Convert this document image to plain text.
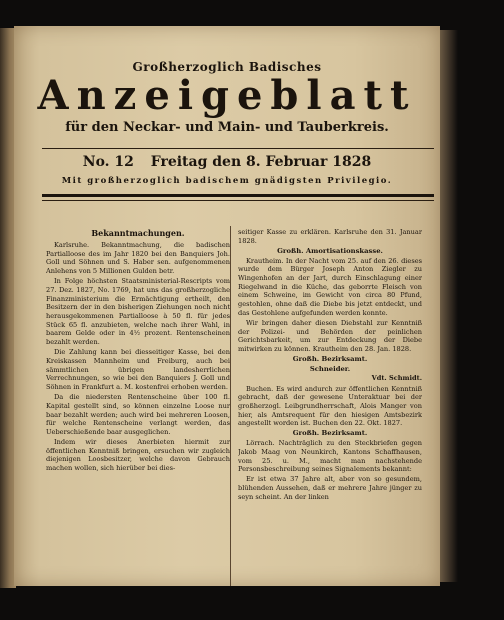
Großherzoglich Badisches
Anzeigeblatt
für den Neckar- und Main- und Tauberkreis.
No. 12 Freitag den 8. Februar 1828
Mit großherzoglich badischem gnädigsten Privilegio.
Bekanntmachungen.

Karlsruhe. Bekanntmachung, die badischen Partialloose des im Jahr 1820 bei den Banquiers Joh. Goll und Söhnen und S. Haber sen. aufgenommenen Anlehens von 5 Millionen Gulden betr.

In Folge höchsten Staatsministerial-Rescripts vom 27. Dez. 1827, No. 1769, hat uns das großherzogliche Finanzministerium die Ermächtigung ertheilt, den Besitzern der in den bisherigen Ziehungen noch nicht herausgekommenen Partialloose à 50 fl. für jedes Stück 65 fl. anzubieten, welche nach ihrer Wahl, in baarem Gelde oder in 4½ prozent. Rentenscheinen bezahlt werden.

Die Zahlung kann bei diesseitiger Kasse, bei den Kreiskassen Mannheim und Freiburg, auch bei sämmtlichen übrigen landesherrlichen Verrechnungen, so wie bei den Banquiers J. Goll und Söhnen in Frankfurt a. M. kostenfrei erhoben werden.

Da die niedersten Rentenscheine über 100 fl. Kapital gestellt sind, so können einzelne Loose nur baar bezahlt werden; auch wird bei mehreren Loosen, für welche Rentenscheine verlangt werden, das Ueberschießende baar ausgeglichen.

Indem wir dieses Anerbieten hiermit zur öffentlichen Kenntniß bringen, ersuchen wir zugleich diejenigen Loosbesitzer, welche davon Gebrauch machen wollen, sich hierüber bei dies-

seitiger Kasse zu erklären. Karlsruhe den 31. Januar 1828.

Großh. Amortisationskasse.

Krautheim. In der Nacht vom 25. auf den 26. dieses wurde dem Bürger Joseph Anton Ziegler zu Wingenhofen an der Jart, durch Einschlagung einer Riegelwand in die Küche, das geborrte Fleisch von einem Schweine, im Gewicht von circa 80 Pfund, gestohlen, ohne daß die Diebe bis jetzt entdeckt, und das Gestohlene aufgefunden werden konnte.

Wir bringen daher diesen Diebstahl zur Kenntniß der Polizei- und Behörden der peinlichen Gerichtsbarkeit, um zur Entdeckung der Diebe mitwirken zu können. Krautheim den 28. Jan. 1828.

Großh. Bezirksamt.
Schneider.

Vdt. Schmidt.

Buchen. Es wird andurch zur öffentlichen Kenntniß gebracht, daß der gewesene Unteraktuar bei der großherzogl. Leibgrundherrschaft, Alois Manger von hier, als Amtsrequent für den hiesigen Amtsbezirk angestellt worden ist. Buchen den 22. Okt. 1827.

Großh. Bezirksamt.

Lörrach. Nachträglich zu den Steckbriefen gegen Jakob Maag von Neunkirch, Kantons Schaffhausen, vom 25. u. M., macht man nachstehende Personsbeschreibung seines Signalements bekannt:

Er ist etwa 37 Jahre alt, aber von so gesundem, blühenden Aussehen, daß er mehrere Jahre jünger zu seyn scheint. An der linken
